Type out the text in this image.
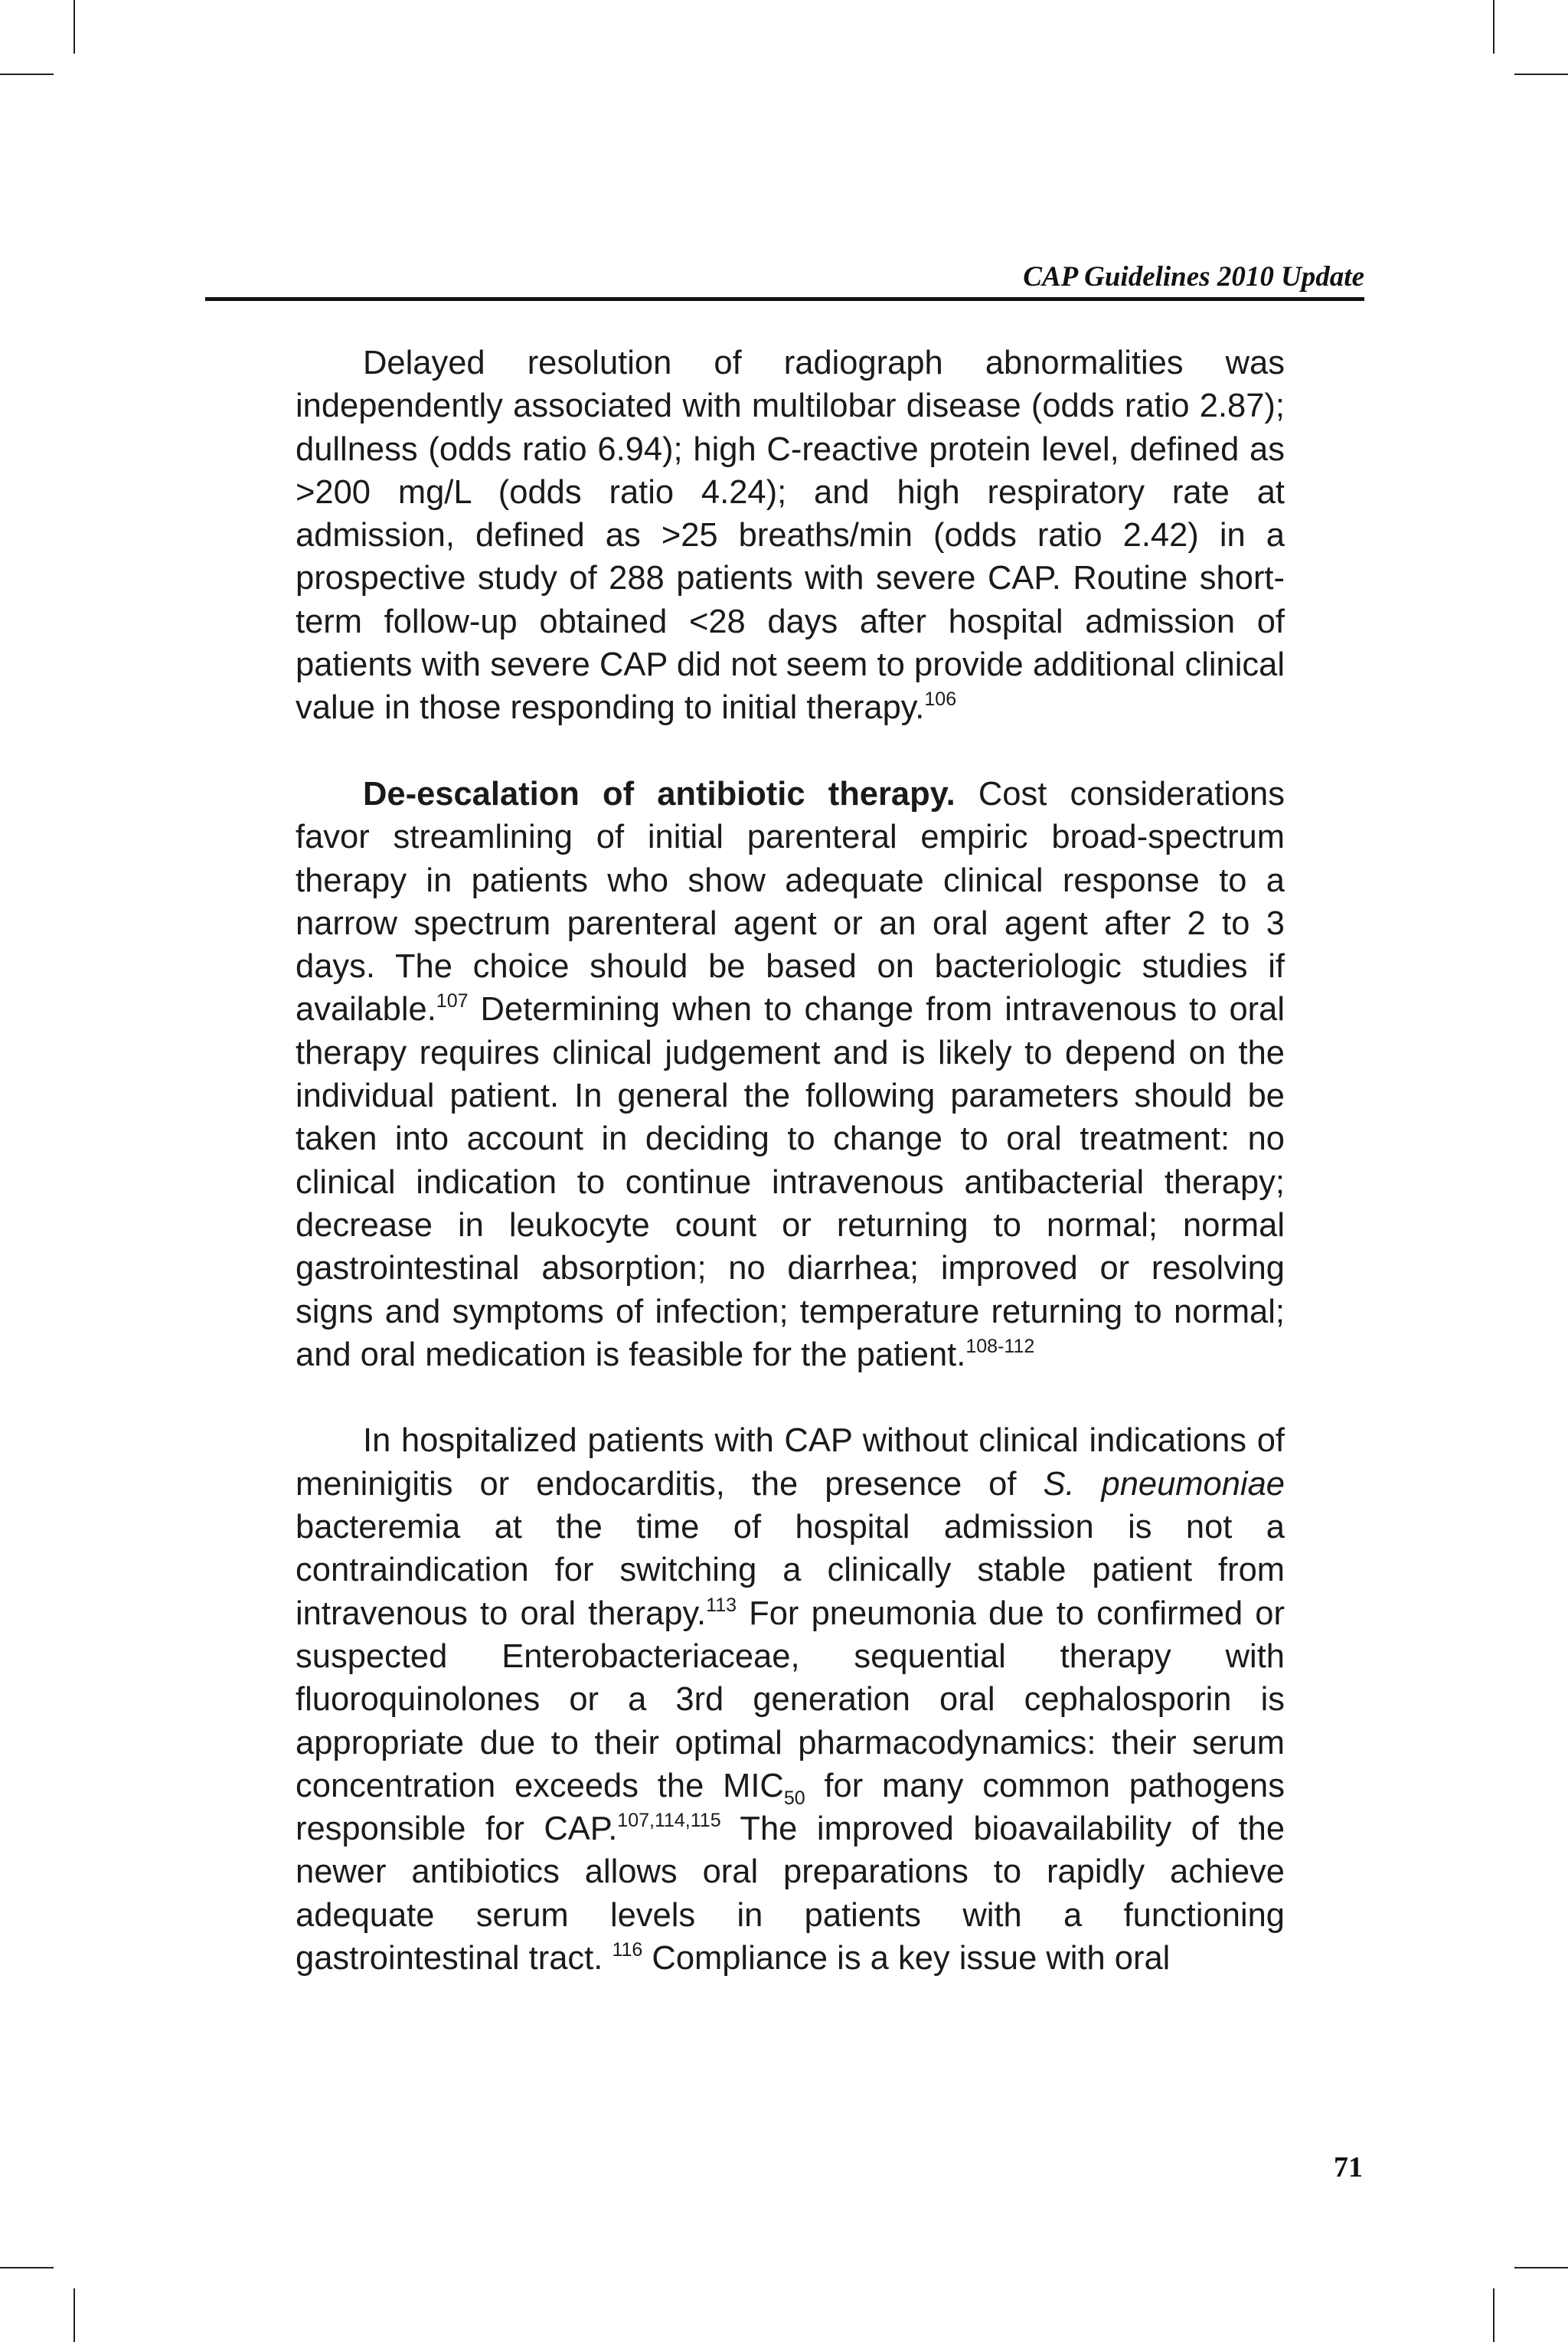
CAP Guidelines 2010 Update

Delayed resolution of radiograph abnormalities was independently associated with multilobar disease (odds ratio 2.87); dullness (odds ratio 6.94); high C-reactive protein level, defined as >200 mg/L (odds ratio 4.24); and high respiratory rate at admission, defined as >25 breaths/min (odds ratio 2.42) in a prospective study of 288 patients with severe CAP. Routine short-term follow-up obtained <28 days after hospital admission of patients with severe CAP did not seem to provide additional clinical value in those responding to initial therapy.$^{106}$

De-escalation of antibiotic therapy. Cost considerations favor streamlining of initial parenteral empiric broad-spectrum therapy in patients who show adequate clinical response to a narrow spectrum parenteral agent or an oral agent after 2 to 3 days. The choice should be based on bacteriologic studies if available.$^{107}$ Determining when to change from intravenous to oral therapy requires clinical judgement and is likely to depend on the individual patient. In general the following parameters should be taken into account in deciding to change to oral treatment: no clinical indication to continue intravenous antibacterial therapy; decrease in leukocyte count or returning to normal; normal gastrointestinal absorption; no diarrhea; improved or resolving signs and symptoms of infection; temperature returning to normal; and oral medication is feasible for the patient.$^{108-112}$

In hospitalized patients with CAP without clinical indications of meninigitis or endocarditis, the presence of S. pneumoniae bacteremia at the time of hospital admission is not a contraindication for switching a clinically stable patient from intravenous to oral therapy.$^{113}$ For pneumonia due to confirmed or suspected Enterobacteriaceae, sequential therapy with fluoroquinolones or a 3rd generation oral cephalosporin is appropriate due to their optimal pharmacodynamics: their serum concentration exceeds the $MIC_{50}$ for many common pathogens responsible for CAP.$^{107,114,115}$ The improved bioavailability of the newer antibiotics allows oral preparations to rapidly achieve adequate serum levels in patients with a functioning gastrointestinal tract. $^{116}$ Compliance is a key issue with oral

71
